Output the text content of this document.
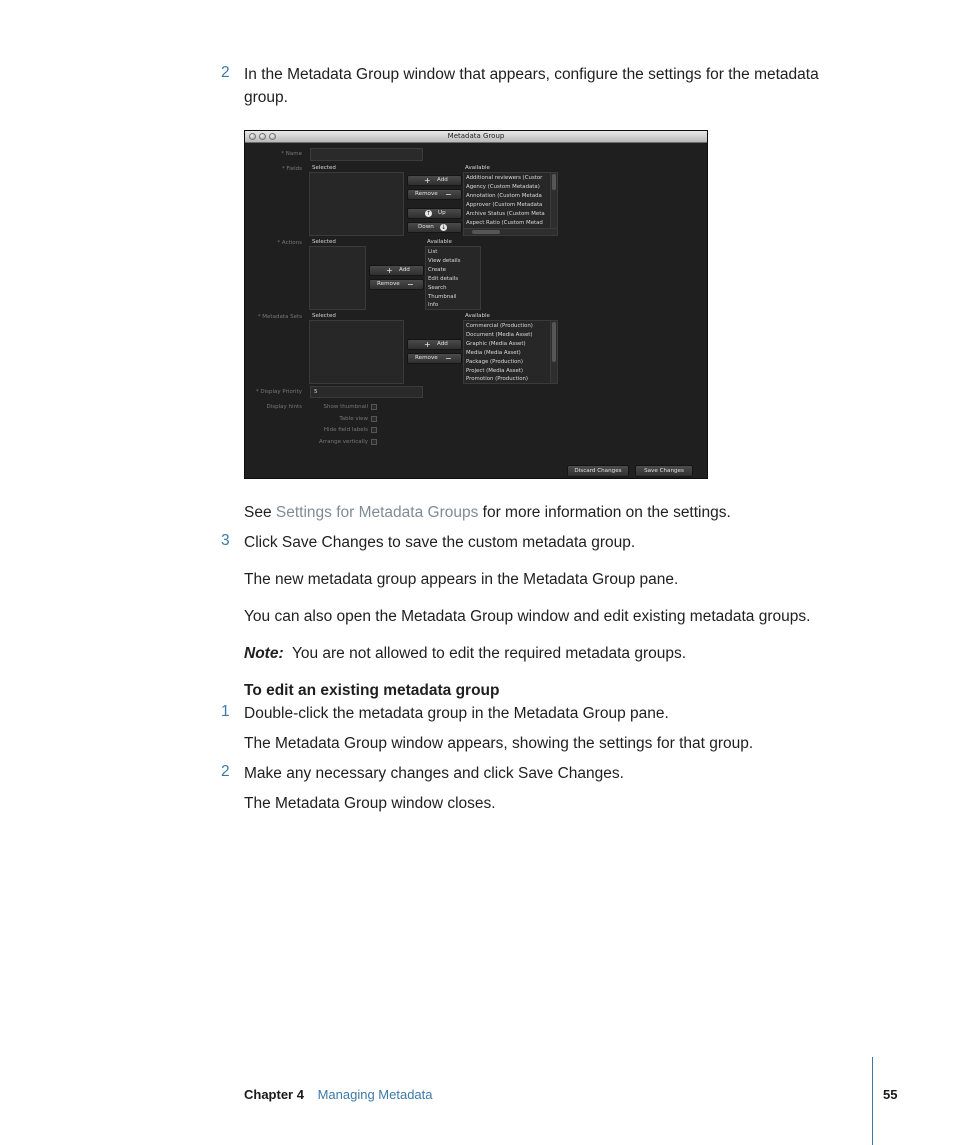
2 In the Metadata Group window that appears, configure the settings for the metadata
group.
Metadata Group
* Name
* Fields Selected
+ Add
Remove −
↑ Up
Down ↓
Available
Additional reviewers (Custor
Agency (Custom Metadata)
Annotation (Custom Metada
Approver (Custom Metadata
Archive Status (Custom Meta
Aspect Ratio (Custom Metad
* Actions Selected
+ Add
Remove −
Available
List
View details
Create
Edit details
Search
Thumbnail
Info
* Metadata Sets Selected
+ Add
Remove −
Available
Commercial (Production)
Document (Media Asset)
Graphic (Media Asset)
Media (Media Asset)
Package (Production)
Project (Media Asset)
Promotion (Production)
* Display Priority 5
Display hints	Show thumbnail
Table view
Hide field labels
Arrange vertically
Discard Changes	Save Changes
See Settings for Metadata Groups for more information on the settings.
3 Click Save Changes to save the custom metadata group.
The new metadata group appears in the Metadata Group pane.
You can also open the Metadata Group window and edit existing metadata groups.
Note:  You are not allowed to edit the required metadata groups.
To edit an existing metadata group
1 Double-click the metadata group in the Metadata Group pane.
The Metadata Group window appears, showing the settings for that group.
2 Make any necessary changes and click Save Changes.
The Metadata Group window closes.
Chapter 4 Managing Metadata	55
